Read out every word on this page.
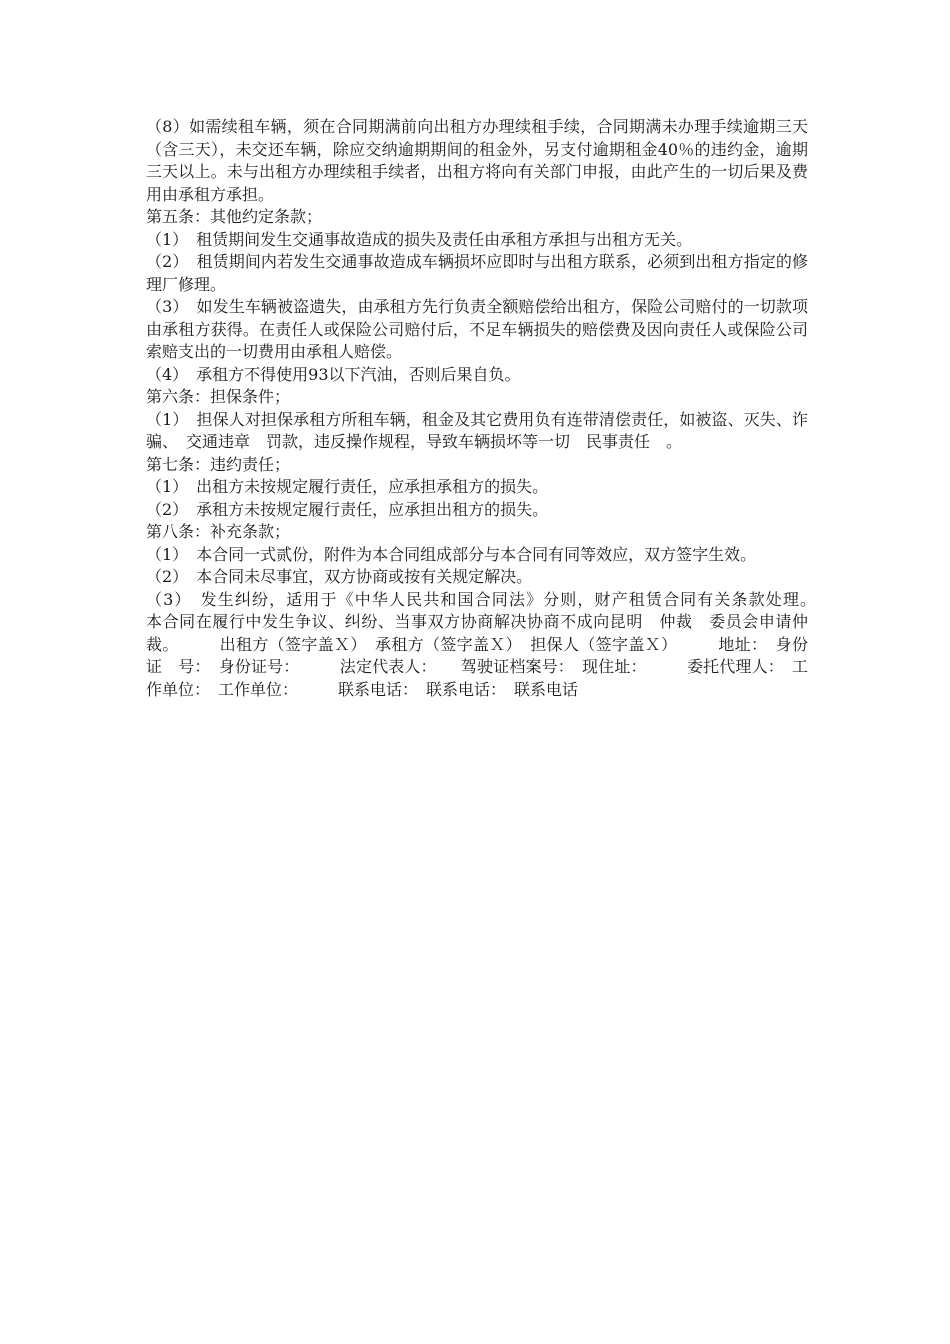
（8）如需续租车辆，须在合同期满前向出租方办理续租手续，合同期满未办理手续逾期三天（含三天），未交还车辆，除应交纳逾期期间的租金外，另支付逾期租金40％的违约金，逾期三天以上。未与出租方办理续租手续者，出租方将向有关部门申报，由此产生的一切后果及费用由承租方承担。

第五条：其他约定条款；

（1）　租赁期间发生交通事故造成的损失及责任由承租方承担与出租方无关。

（2）　租赁期间内若发生交通事故造成车辆损坏应即时与出租方联系，必须到出租方指定的修理厂修理。

（3）　如发生车辆被盗遗失，由承租方先行负责全额赔偿给出租方，保险公司赔付的一切款项由承租方获得。在责任人或保险公司赔付后，不足车辆损失的赔偿费及因向责任人或保险公司索赔支出的一切费用由承租人赔偿。

（4）　承租方不得使用93以下汽油，否则后果自负。

第六条：担保条件；

（1）　担保人对担保承租方所租车辆，租金及其它费用负有连带清偿责任，如被盗、灭失、诈骗、　交通违章　罚款，违反操作规程，导致车辆损坏等一切　民事责任　。

第七条：违约责任；

（1）　出租方未按规定履行责任，应承担承租方的损失。

（2）　承租方未按规定履行责任，应承担出租方的损失。

第八条：补充条款；

（1）　本合同一式贰份，附件为本合同组成部分与本合同有同等效应，双方签字生效。

（2）　本合同未尽事宜，双方协商或按有关规定解决。

（3）　发生纠纷，适用于《中华人民共和国合同法》分则，财产租赁合同有关条款处理。　　　本合同在履行中发生争议、纠纷、当事双方协商解决协商不成向昆明　仲裁　委员会申请仲裁。　　　出租方（签字盖Ｘ）　承租方（签字盖Ｘ）　担保人（签字盖Ｘ）　　　地址：　身份证　号：　身份证号：　　　法定代表人：　　驾驶证档案号：　现住址：　　　委托代理人：　工作单位：　工作单位：　　　联系电话：　联系电话：　联系电话
